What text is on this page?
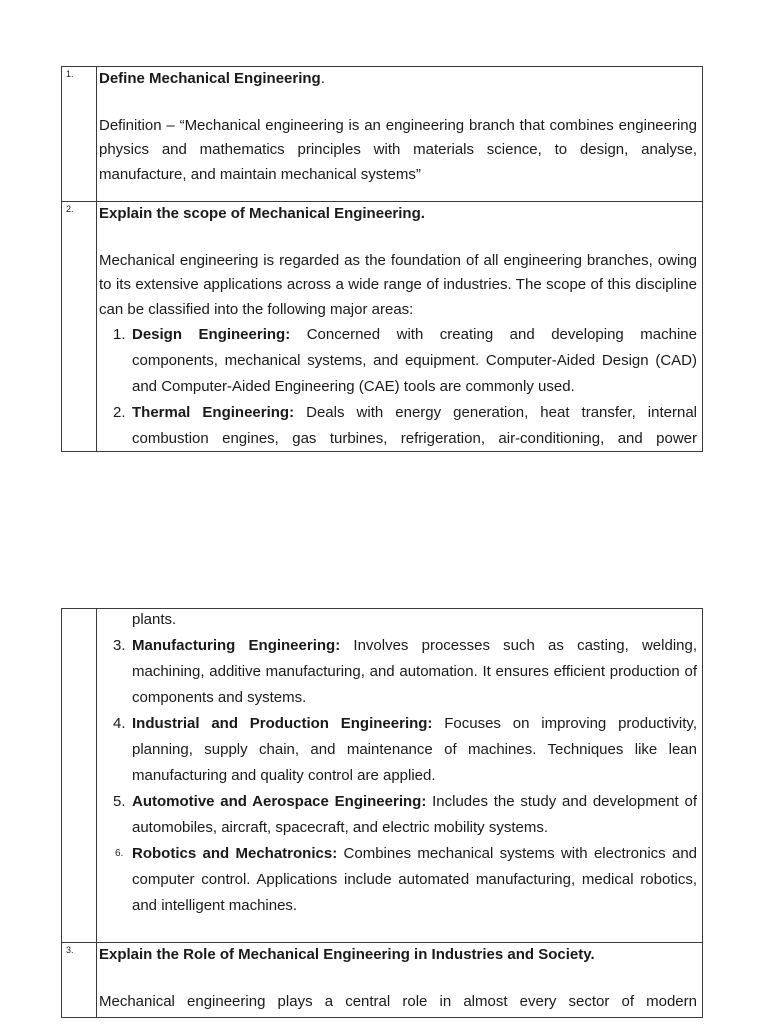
1. Define Mechanical Engineering.

Definition – “Mechanical engineering is an engineering branch that combines engineering physics and mathematics principles with materials science, to design, analyse, manufacture, and maintain mechanical systems”

2. Explain the scope of Mechanical Engineering.

Mechanical engineering is regarded as the foundation of all engineering branches, owing to its extensive applications across a wide range of industries. The scope of this discipline can be classified into the following major areas:

1. Design Engineering: Concerned with creating and developing machine components, mechanical systems, and equipment. Computer-Aided Design (CAD) and Computer-Aided Engineering (CAE) tools are commonly used.
2. Thermal Engineering: Deals with energy generation, heat transfer, internal combustion engines, gas turbines, refrigeration, air-conditioning, and power
plants.
3. Manufacturing Engineering: Involves processes such as casting, welding, machining, additive manufacturing, and automation. It ensures efficient production of components and systems.
4. Industrial and Production Engineering: Focuses on improving productivity, planning, supply chain, and maintenance of machines. Techniques like lean manufacturing and quality control are applied.
5. Automotive and Aerospace Engineering: Includes the study and development of automobiles, aircraft, spacecraft, and electric mobility systems.
6. Robotics and Mechatronics: Combines mechanical systems with electronics and computer control. Applications include automated manufacturing, medical robotics, and intelligent machines.
3. Explain the Role of Mechanical Engineering in Industries and Society.

Mechanical engineering plays a central role in almost every sector of modern
